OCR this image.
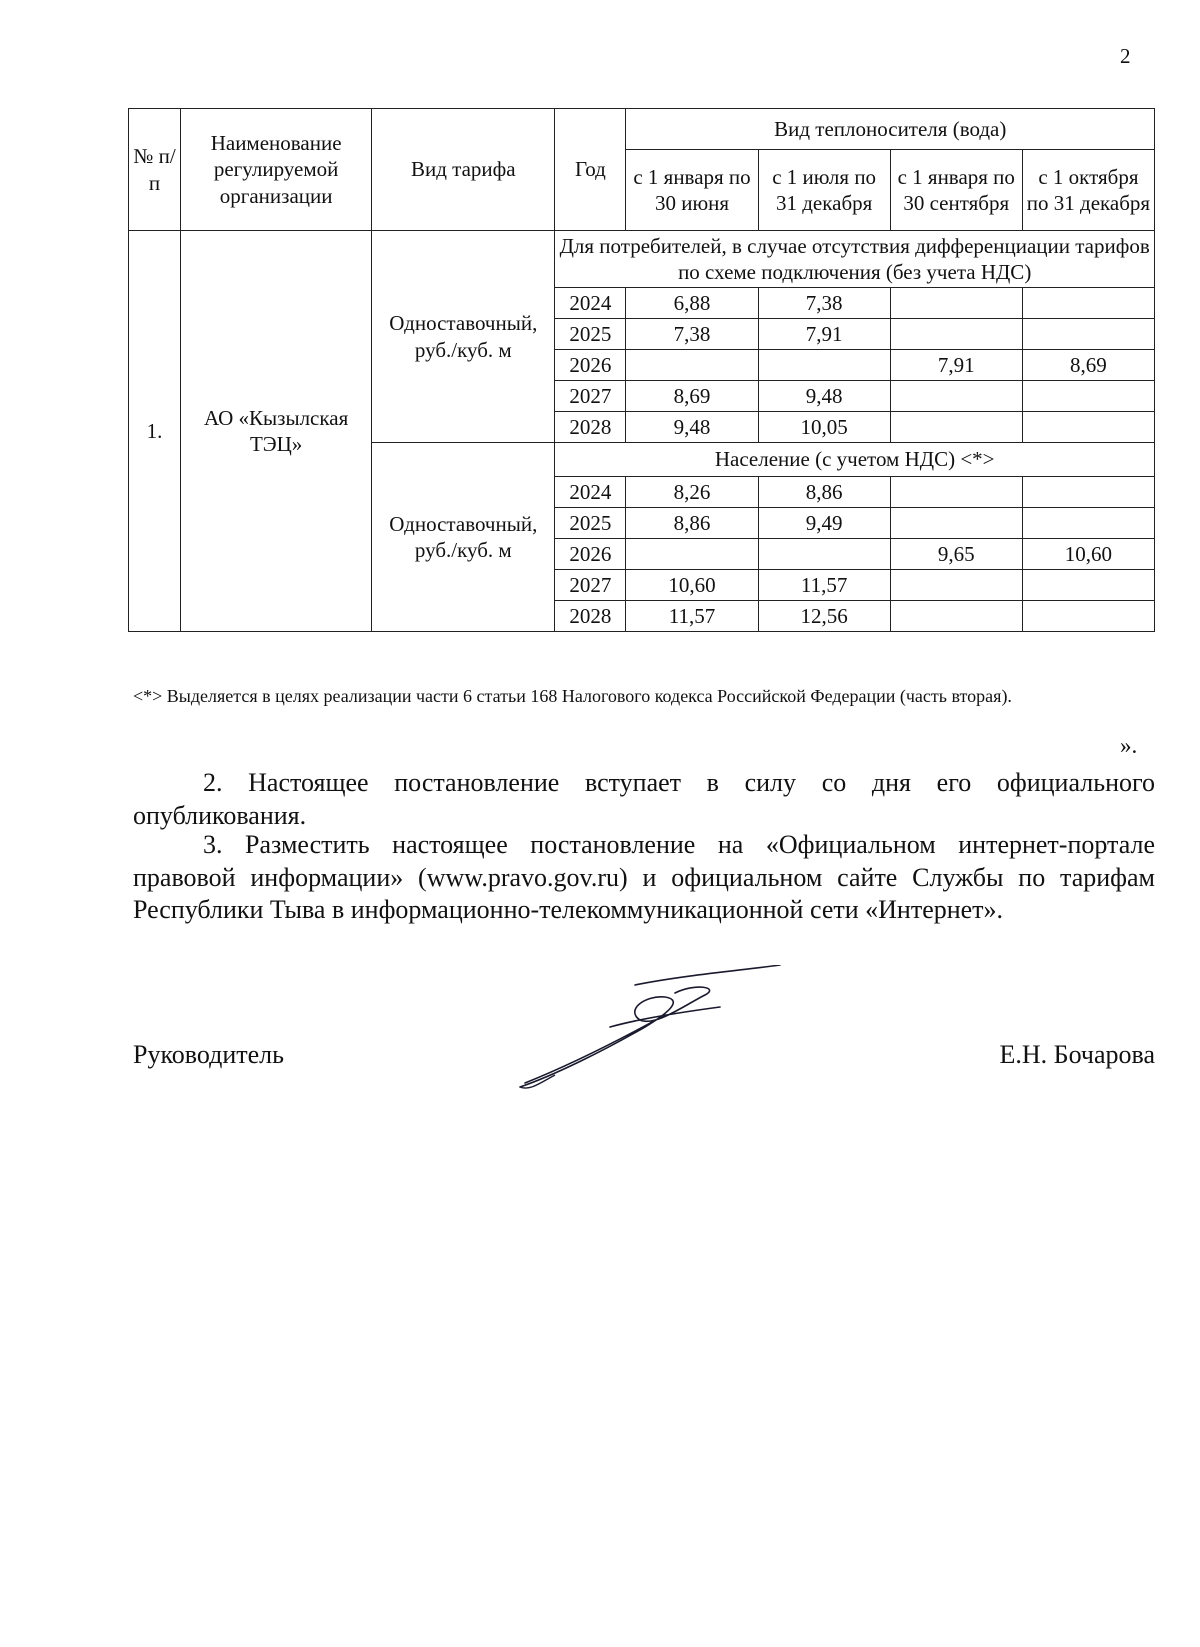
2
№ п/п	Наименование регулируемой организации	Вид тарифа	Год	Вид теплоносителя (вода)			
				с 1 января по 30 июня	с 1 июля по 31 декабря	с 1 января по 30 сентября	с 1 октября по 31 декабря
1.	АО «Кызылская ТЭЦ»	Одноставочный, руб./куб. м	Для потребителей, в случае отсутствия дифференциации тарифов по схеме подключения (без учета НДС)				
			2024	6,88	7,38		
			2025	7,38	7,91		
			2026			7,91	8,69
			2027	8,69	9,48		
			2028	9,48	10,05		
		Одноставочный, руб./куб. м	Население (с учетом НДС) <*>				
			2024	8,26	8,86		
			2025	8,86	9,49		
			2026			9,65	10,60
			2027	10,60	11,57		
			2028	11,57	12,56		
<*> Выделяется в целях реализации части 6 статьи 168 Налогового кодекса Российской Федерации (часть вторая).
».
2. Настоящее постановление вступает в силу со дня его официального опубликования.
3. Разместить настоящее постановление на «Официальном интернет-портале правовой информации» (www.pravo.gov.ru) и официальном сайте Службы по тарифам Республики Тыва в информационно-телекоммуникационной сети «Интернет».
Руководитель	Е.Н. Бочарова
